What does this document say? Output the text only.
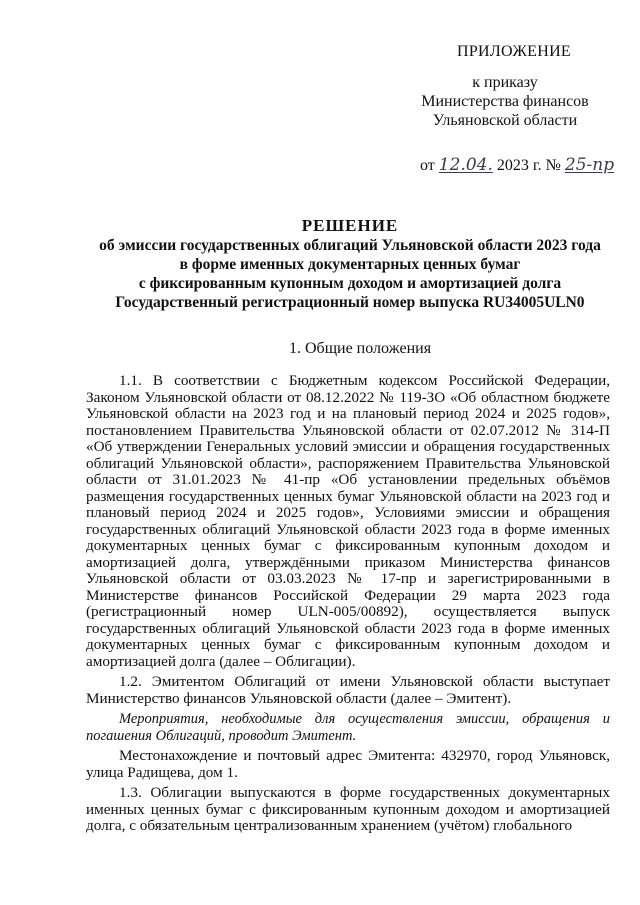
ПРИЛОЖЕНИЕ
к приказу
Министерства финансов
Ульяновской области
от 12.04. 2023 г. № 25-пр
РЕШЕНИЕ
об эмиссии государственных облигаций Ульяновской области 2023 года
в форме именных документарных ценных бумаг
с фиксированным купонным доходом и амортизацией долга
Государственный регистрационный номер выпуска RU34005ULN0
1. Общие положения

1.1. В соответствии с Бюджетным кодексом Российской Федерации, Законом Ульяновской области от 08.12.2022 № 119-ЗО «Об областном бюджете Ульяновской области на 2023 год и на плановый период 2024 и 2025 годов», постановлением Правительства Ульяновской области от 02.07.2012 № 314-П «Об утверждении Генеральных условий эмиссии и обращения государственных облигаций Ульяновской области», распоряжением Правительства Ульяновской области от 31.01.2023 № 41-пр «Об установлении предельных объёмов размещения государственных ценных бумаг Ульяновской области на 2023 год и плановый период 2024 и 2025 годов», Условиями эмиссии и обращения государственных облигаций Ульяновской области 2023 года в форме именных документарных ценных бумаг с фиксированным купонным доходом и амортизацией долга, утверждёнными приказом Министерства финансов Ульяновской области от 03.03.2023 № 17-пр и зарегистрированными в Министерстве финансов Российской Федерации 29 марта 2023 года (регистрационный номер ULN-005/00892), осуществляется выпуск государственных облигаций Ульяновской области 2023 года в форме именных документарных ценных бумаг с фиксированным купонным доходом и амортизацией долга (далее – Облигации).

1.2. Эмитентом Облигаций от имени Ульяновской области выступает Министерство финансов Ульяновской области (далее – Эмитент).

Мероприятия, необходимые для осуществления эмиссии, обращения и погашения Облигаций, проводит Эмитент.

Местонахождение и почтовый адрес Эмитента: 432970, город Ульяновск, улица Радищева, дом 1.

1.3. Облигации выпускаются в форме государственных документарных именных ценных бумаг с фиксированным купонным доходом и амортизацией долга, с обязательным централизованным хранением (учётом) глобального
